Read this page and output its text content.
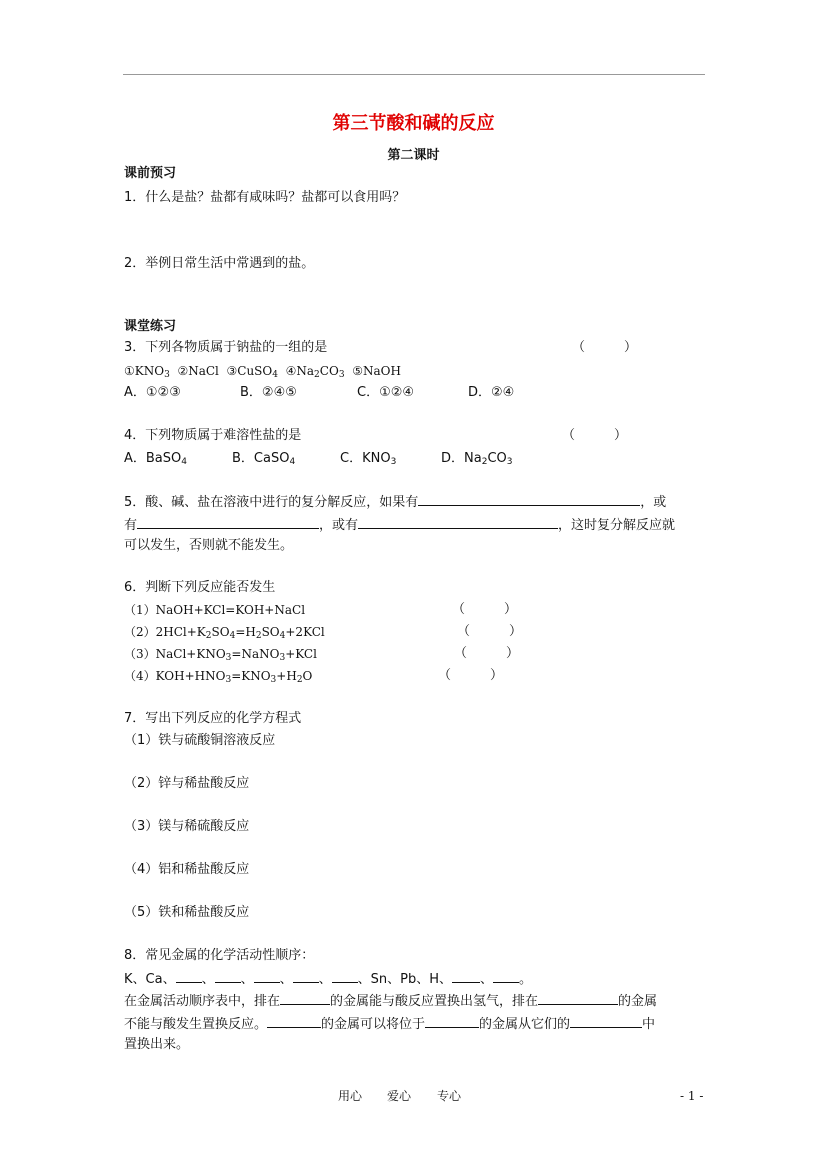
第三节酸和碱的反应
第二课时
课前预习
1．什么是盐？盐都有咸味吗？盐都可以食用吗？
2．举例日常生活中常遇到的盐。
课堂练习
3．下列各物质属于钠盐的一组的是	（　　　）
$①KNO_3$ ②NaCl ③CuSO$_4$ $④Na_2CO_3$ ⑤NaOH
A．①②③	B．②④⑤	C．①②④	D．②④
4．下列物质属于难溶性盐的是	（　　　）
A．BaSO$_4$	B．CaSO$_4$	C．$KNO_3$	D．$Na_2CO_3$
5．酸、碱、盐在溶液中进行的复分解反应，如果有	，或
有	，或有	，这时复分解反应就
可以发生，否则就不能发生。
6．判断下列反应能否发生
（1）NaOH+KCl=KOH+NaCl	（　　　）
$(2)2HCl+K_2SO_4=H_2SO_4+2KCl$	（　　　）
$(3)NaCl+KNO_3=NaNO_3+KCl$	（　　　）
$(4)KOH+HNO_3=KNO_3+H_2O$	（　　　）
7．写出下列反应的化学方程式
（1）铁与硫酸铜溶液反应
（2）锌与稀盐酸反应
（3）镁与稀硫酸反应
（4）铝和稀盐酸反应
（5）铁和稀盐酸反应
8．常见金属的化学活动性顺序：
K、Ca、 、 、 、 、 、Sn、Pb、H、 、 。
在金属活动顺序表中，排在	的金属能与酸反应置换出氢气，排在	的金属
不能与酸发生置换反应。	的金属可以将位于	的金属从它们的	中
置换出来。
用心 爱心 专心	- 1 -
